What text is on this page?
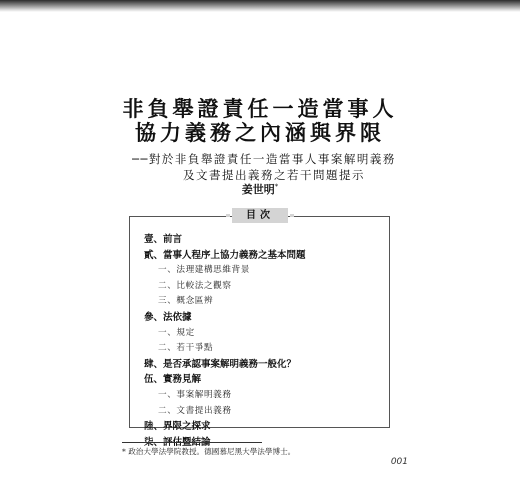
非負舉證責任一造當事人
協力義務之內涵與界限
──對於非負舉證責任一造當事人事案解明義務
及文書提出義務之若干問題提示
姜世明*
目次
壹、前言
貳、當事人程序上協力義務之基本問題
一、法理建構思維背景
二、比較法之觀察
三、概念區辨
參、法依據
一、規定
二、若干爭點
肆、是否承認事案解明義務一般化？
伍、實務見解
一、事案解明義務
二、文書提出義務
陸、界限之探求
柒、評估暨結論
* 政治大學法學院教授。德國慕尼黑大學法學博士。
001
